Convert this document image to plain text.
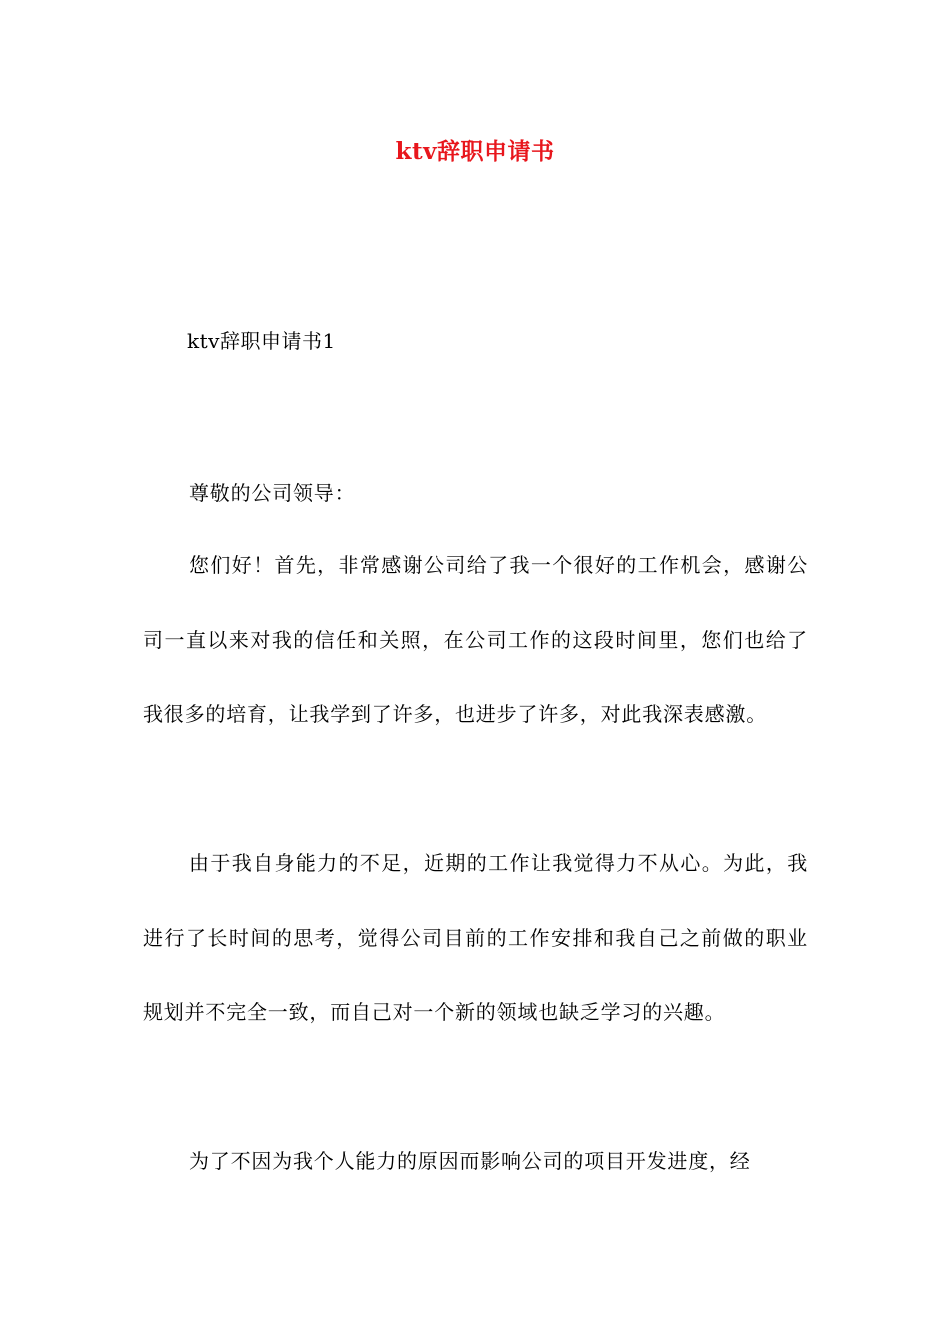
ktv辞职申请书
ktv辞职申请书1
尊敬的公司领导：
您们好！首先，非常感谢公司给了我一个很好的工作机会，感谢公司一直以来对我的信任和关照，在公司工作的这段时间里，您们也给了我很多的培育，让我学到了许多，也进步了许多，对此我深表感激。
由于我自身能力的不足，近期的工作让我觉得力不从心。为此，我进行了长时间的思考，觉得公司目前的工作安排和我自己之前做的职业规划并不完全一致，而自己对一个新的领域也缺乏学习的兴趣。
为了不因为我个人能力的原因而影响公司的项目开发进度，经
